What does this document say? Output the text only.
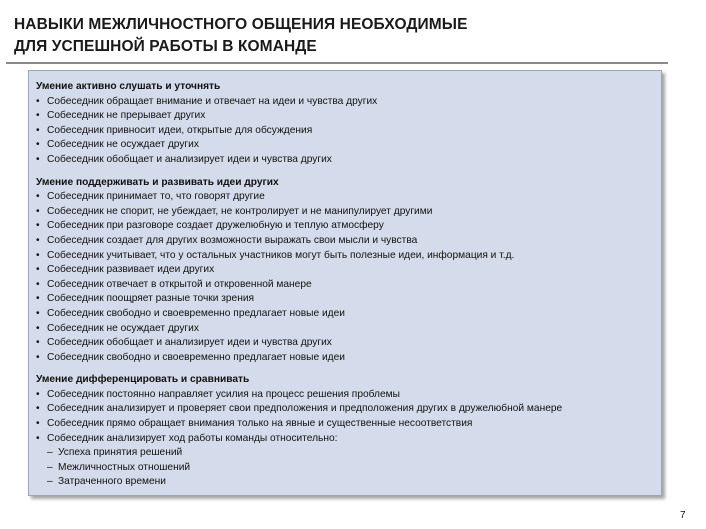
НАВЫКИ МЕЖЛИЧНОСТНОГО ОБЩЕНИЯ НЕОБХОДИМЫЕ
ДЛЯ УСПЕШНОЙ РАБОТЫ В КОМАНДЕ
Умение активно слушать и уточнять
• Собеседник обращает внимание и отвечает на идеи и чувства других
• Собеседник не прерывает других
• Собеседник привносит идеи, открытые для обсуждения
• Собеседник не осуждает других
• Собеседник обобщает и анализирует идеи и чувства других
Умение поддерживать и развивать идеи других
• Собеседник принимает то, что говорят другие
• Собеседник не спорит, не убеждает, не контролирует и не манипулирует другими
• Собеседник при разговоре создает дружелюбную и теплую атмосферу
• Собеседник создает для других возможности выражать свои мысли и чувства
• Собеседник учитывает, что у остальных участников могут быть полезные идеи, информация и т.д.
• Собеседник развивает идеи других
• Собеседник отвечает в открытой и откровенной манере
• Собеседник поощряет разные точки зрения
• Собеседник свободно и своевременно предлагает новые идеи
• Собеседник не осуждает других
• Собеседник обобщает и анализирует идеи и чувства других
• Собеседник свободно и своевременно предлагает новые идеи
Умение дифференцировать и сравнивать
• Собеседник постоянно направляет усилия на процесс решения проблемы
• Собеседник анализирует и проверяет свои предположения и предположения других в дружелюбной манере
• Собеседник прямо обращает внимания только на явные и существенные несоответствия
• Собеседник анализирует ход работы команды относительно:
– Успеха принятия решений
– Межличностных отношений
– Затраченного времени
7
